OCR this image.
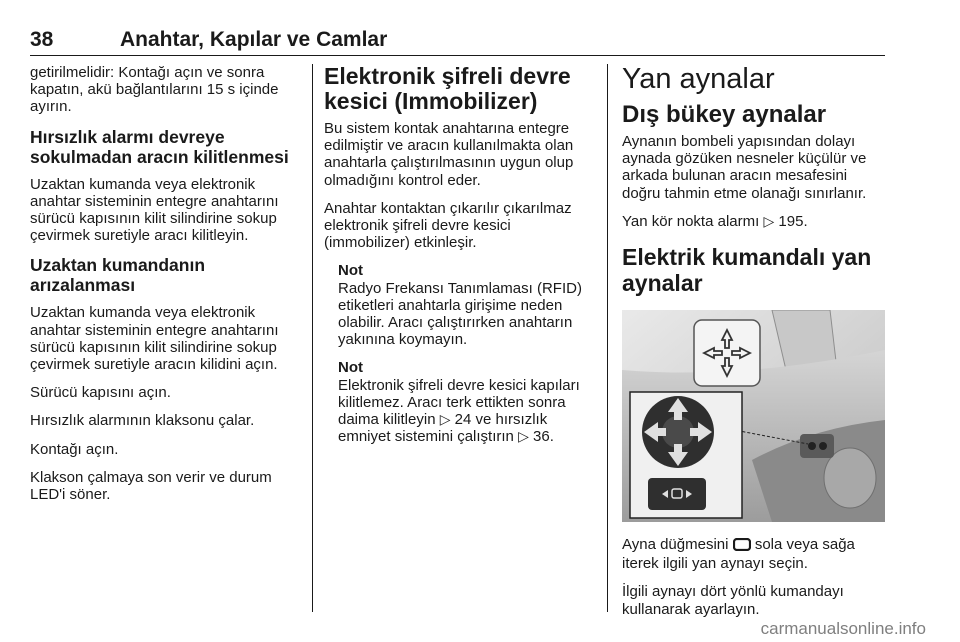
38	Anahtar, Kapılar ve Camlar

getirilmelidir: Kontağı açın ve sonra kapatın, akü bağlantılarını 15 s içinde ayırın.

Hırsızlık alarmı devreye sokulmadan aracın kilitlenmesi

Uzaktan kumanda veya elektronik anahtar sisteminin entegre anahtarını sürücü kapısının kilit silindirine sokup çevirmek suretiyle aracı kilitleyin.

Uzaktan kumandanın arızalanması

Uzaktan kumanda veya elektronik anahtar sisteminin entegre anahtarını sürücü kapısının kilit silindirine sokup çevirmek suretiyle aracın kilidini açın.

Sürücü kapısını açın.

Hırsızlık alarmının klaksonu çalar.

Kontağı açın.

Klakson çalmaya son verir ve durum LED'i söner.

Elektronik şifreli devre kesici (Immobilizer)

Bu sistem kontak anahtarına entegre edilmiştir ve aracın kullanılmakta olan anahtarla çalıştırılmasının uygun olup olmadığını kontrol eder.

Anahtar kontaktan çıkarılır çıkarılmaz elektronik şifreli devre kesici (immobilizer) etkinleşir.

Not
Radyo Frekansı Tanımlaması (RFID) etiketleri anahtarla girişime neden olabilir. Aracı çalıştırırken anahtarın yakınına koymayın.

Not
Elektronik şifreli devre kesici kapıları kilitlemez. Aracı terk ettikten sonra daima kilitleyin ▷ 24 ve hırsızlık emniyet sistemini çalıştırın ▷ 36.

Yan aynalar
Dış bükey aynalar

Aynanın bombeli yapısından dolayı aynada gözüken nesneler küçülür ve arkada bulunan aracın mesafesini doğru tahmin etme olanağı sınırlanır.

Yan kör nokta alarmı ▷ 195.

Elektrik kumandalı yan aynalar

Ayna düğmesini sola veya sağa iterek ilgili yan aynayı seçin.

İlgili aynayı dört yönlü kumandayı kullanarak ayarlayın.

carmanualsonline.info
